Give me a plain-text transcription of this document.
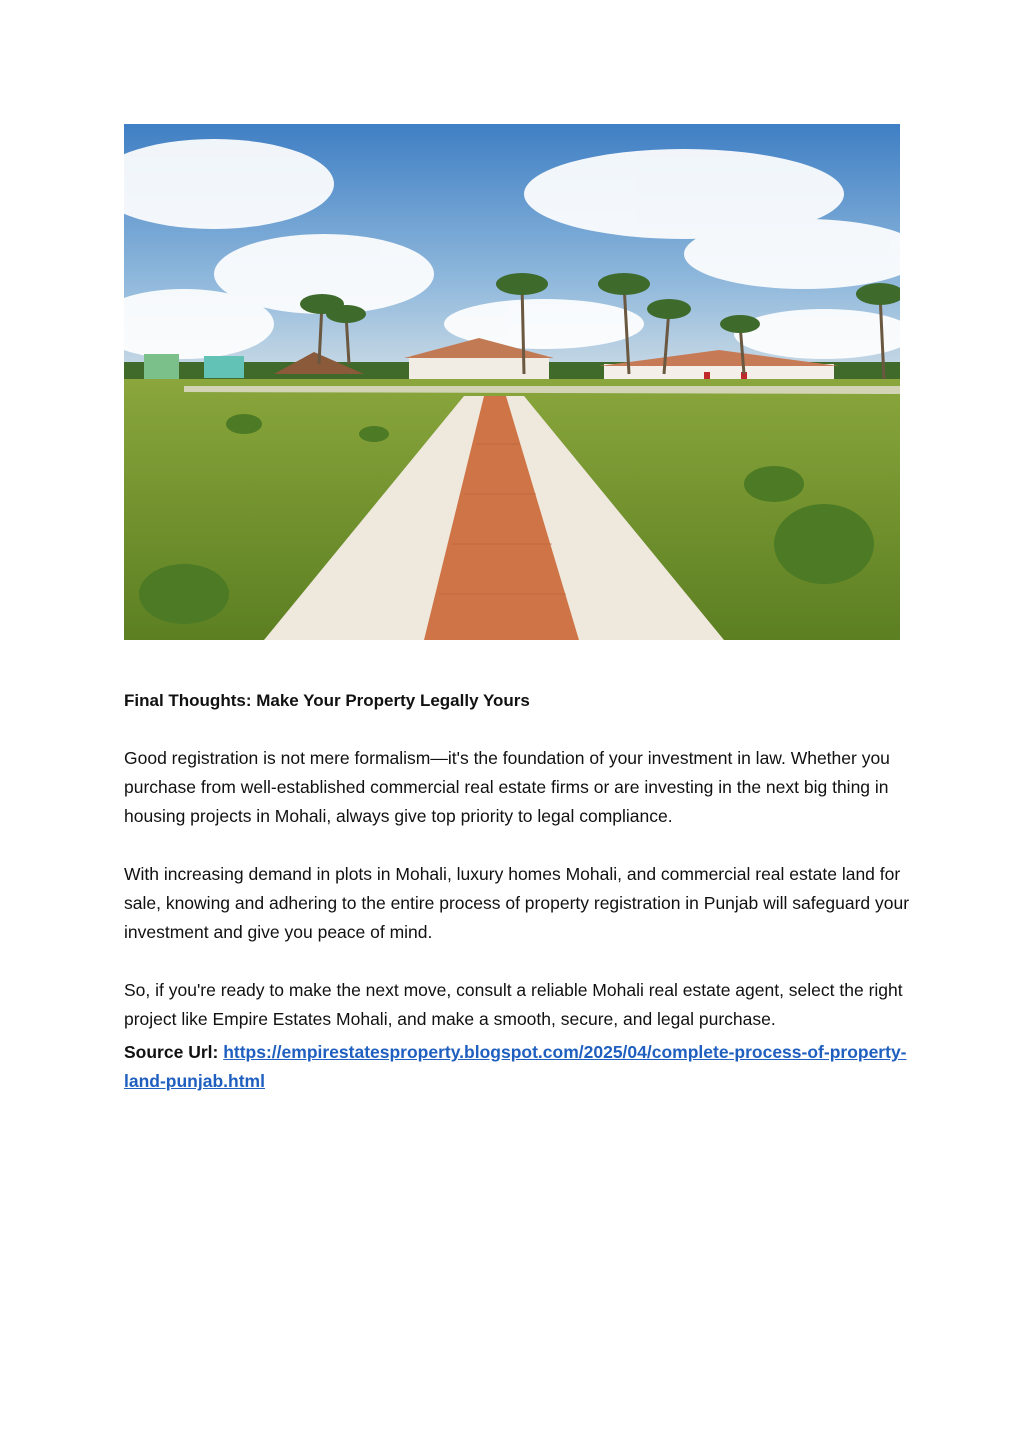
Final Thoughts: Make Your Property Legally Yours

Good registration is not mere formalism—it's the foundation of your investment in law. Whether you purchase from well-established commercial real estate firms or are investing in the next big thing in housing projects in Mohali, always give top priority to legal compliance.

With increasing demand in plots in Mohali, luxury homes Mohali, and commercial real estate land for sale, knowing and adhering to the entire process of property registration in Punjab will safeguard your investment and give you peace of mind.

So, if you're ready to make the next move, consult a reliable Mohali real estate agent, select the right project like Empire Estates Mohali, and make a smooth, secure, and legal purchase.

Source Url: https://empirestatesproperty.blogspot.com/2025/04/complete-process-of-property-land-punjab.html
